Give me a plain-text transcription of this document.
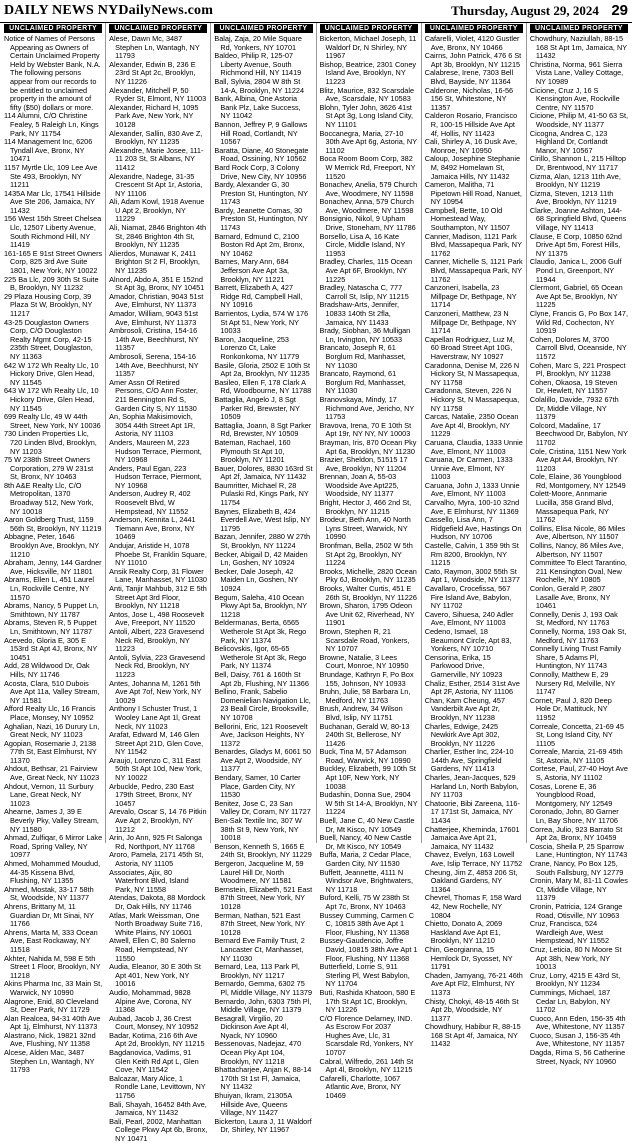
DAILY NEWS NYDailyNews.com	Thursday, August 29, 2024 29
UNCLAIMED PROPERTY

Notice of Names of Persons Appearing as Owners of Certain Unclaimed Property Held by Webster Bank, N.A. The following persons appear from our records to be entitled to unclaimed property in the amount of fifty ($50) dollars or more.

114 Alumni, C/O Christine Fealey, 5 Raleigh Ln, Kings Park, NY 11754

114 Management Inc, 6206 Tyndall Ave, Bronx, NY 10471

1157 Myrtle Llc, 109 Lee Ave Ste 493, Brooklyn, NY 11211

1435A Mar Llc, 17541 Hillside Ave Ste 206, Jamaica, NY 11432

156 West 15th Street Chelsea Llc, 12507 Liberty Avenue, South Richmond Hill, NY 11419

161-165 E 91st Street Owners Corp, 825 3rd Ave Suite 1801, New York, NY 10022

225 Ba Llc, 209 30th St Suite B, Brooklyn, NY 11232

29 Plaza Housing Corp, 39 Plaza St W, Brooklyn, NY 11217

43-25 Douglaston Owners Corp, C/O Douglaston Realty Mgmt Corp, 42-15 235th Street, Douglaston, NY 11363

642 W 172 Wh Realty Llc, 10 Hickory Drive, Glen Head, NY 11545

643 W 172 Wh Realty Llc, 10 Hickory Drive, Glen Head, NY 11545

699 Realty Llc, 49 W 44th Street, New York, NY 10036

730 Linden Properties Llc, 720 Linden Blvd, Brooklyn, NY 11203

75 W 238th Street Owners Corporation, 279 W 231st St, Bronx, NY 10463

8th A&E Realty Llc, C/O Metropolitan, 1370 Broadway 512, New York, NY 10018

Aaron Goldberg Trust, 1159 56th St, Brooklyn, NY 11219

Abbagne, Peter, 1646 Brooklyn Ave, Brooklyn, NY 11210

Abraham, Jenny, 144 Gardner Ave, Hicksville, NY 11801

Abrams, Ellen L, 451 Laurel Ln, Rockville Centre, NY 11570

Abrams, Nancy, 5 Puppet Ln, Smithtown, NY 11787

Abrams, Steven R, 5 Puppet Ln, Smithtown, NY 11787

Acevedo, Gloria E, 305 E 153rd St Apt 4J, Bronx, NY 10451

Add, 28 Wildwood Dr, Oak Hills, NY 11746

Acosta, Clara, 510 Dubois Ave Apt 11a, Valley Stream, NY 11581

Afford Realty Llc, 16 Francis Place, Monsey, NY 10952

Aghalian, Nazi, 16 Durury Ln, Great Neck, NY 11023

Agopian, Rosemarie J, 2138 77th St, East Elmhurst, NY 11370

Ahdout, Bethsar, 21 Fairview Ave, Great Neck, NY 11023

Ahdout, Vernon, 11 Surbury Lane, Great Neck, NY 11023

Ahearne, James J, 39 E Beverly Pky, Valley Stream, NY 11580

Ahmad, Zulfiqar, 6 Mirror Lake Road, Spring Valley, NY 10977

Ahmed, Mohammed Moudud, 44-35 Kissena Blvd, Flushing, NY 11355

Ahmed, Mostak, 33-17 58th St, Woodside, NY 11377

Ahrens, Brittany M, 11 Guardian Dr, Mt Sinai, NY 11766

Ahrens, Marta M, 333 Ocean Ave, East Rockaway, NY 11518

Akhter, Nahida M, 598 E 5th Street 1 Floor, Brooklyn, NY 11218

Akins Pharma Inc, 33 Main St, Warwick, NY 10990

Alagrone, Enid, 80 Cleveland St, Deer Park, NY 11729

Alan Realcea, 94-31 40th Ave Apt 1j, Elmhurst, NY 11373

Alastrano, Nick, 19821 32nd Ave, Flushing, NY 11358

Alcese, Alden Mac, 3487 Stephen Ln, Wantagh, NY 11793

UNCLAIMED PROPERTY

Alese, Dawn Mc, 3487 Stephen Ln, Wantagh, NY 11793

Alexander, Edwin B, 236 E 23rd St Apt 2c, Brooklyn, NY 11226

Alexander, Mitchell P, 50 Ryder St, Elmont, NY 11003

Alexander, Richard H, 1095 Park Ave, New York, NY 10128

Alexander, Sallin, 830 Ave Z, Brooklyn, NY 11235

Alexandre, Marie Josee, 111-11 203 St, St Albans, NY 11412

Alexandre, Nadege, 31-35 Crescent St Apt 1r, Astoria, NY 11106

Ali, Adam Kowl, 1918 Avenue U Apt 2, Brooklyn, NY 11229

Ali, Niamat, 2846 Brighton 4th St, 2846 Brighton 4th St, Brooklyn, NY 11235

Alierdos, Munawar K, 2411 Brighton St 2 Fl, Brooklyn, NY 11235

Alnord, Abdo A, 351 E 152nd St Apt 3g, Bronx, NY 10451

Amador, Christian, 9043 51st Ave, Elmhurst, NY 11373

Amador, William, 9043 51st Ave, Elmhurst, NY 11373

Ambrosoli, Cristina, 154-16 14th Ave, Beechhurst, NY 11357

Ambrosoli, Serena, 154-16 14th Ave, Beechhurst, NY 11357

Amer Assn Of Retired Persons, C/O Ann Foster, 211 Bennington Rd S, Garden City S, NY 11530

An, Sophia Makisimovich, 3054 44th Street Apt 1R, Astoria, NY 11103

Anders, Maureen M, 223 Hudson Terrace, Piermont, NY 10968

Anders, Paul Egan, 223 Hudson Terrace, Piermont, NY 10968

Anderson, Audrey R, 402 Roosevelt Blvd, W Hempstead, NY 11552

Anderson, Kennita L, 2441 Tiemann Ave, Bronx, NY 10469

Andujar, Aristide H, 1078 Phoebe St, Franklin Square, NY 11010

Ansik Realty Corp, 31 Flower Lane, Manhasset, NY 11030

Anti, Tanjir Mahbub, 312 E 5th Street Apt 3rd Floor, Brooklyn, NY 11218

Antos, Jose L, 498 Roosevelt Ave, Freeport, NY 11520

Antoli, Albert, 223 Gravesend Neck Rd, Brooklyn, NY 11223

Antoli, Sylvia, 223 Gravesend Neck Rd, Brooklyn, NY 11223

Antes, Johanna M, 1261 5th Ave Apt 7of, New York, NY 10029

Anthony I Schuster Trust, 1 Wooley Lane Apt 1l, Great Neck, NY 11023

Arafat, Edward M, 146 Glen Street Apt 21D, Glen Cove, NY 11542

Araujo, Lorenzo C, 311 East 50th St Apt 10d, New York, NY 10022

Arbuckle, Pedro, 230 East 179th Street, Bronx, NY 10457

Arevalo, Oscar S, 14 76 Pitkin Ave Apt 2, Brooklyn, NY 11212

Arin, Jo Ann, 925 Ft Salonga Rd, Northport, NY 11768

Aroro, Pamela, 2171 45th St, Astoria, NY 11105

Associates, Ajix, 80 Waterfront Blvd, Island Park, NY 11558

Atendas, Dakota, 88 Mordock Dr, Oak Hills, NY 11746

Atlas, Mark Weissman, One North Broadway Suite 716, White Plains, NY 10601

Atwell, Ellen C, 80 Salerno Road, Hempstead, NY 11550

Audia, Eleanor, 30 E 30th St Apt 401, New York, NY 10016

Audio, Mohammad, 9828 Alpine Ave, Corona, NY 11368

Aubad, Jacob J, 36 Crest Court, Monsey, NY 10952

Badar, Kotima, 216 6th Ave Apt 2d, Brooklyn, NY 11215

Bagdanovica, Vadims, 91 Glen Keith Rd Apt L, Glen Cove, NY 11542

Balcazar, Mary Alice, 1 Rondle Lane, Levittown, NY 11756

Bali, Shayah, 16452 84th Ave, Jamaica, NY 11432

Bali, Pearl, 2002, Manhattan College Pkwy Apt 6b, Bronx, NY 10471

UNCLAIMED PROPERTY

Balaj, Zaja, 20 Mile Square Rd, Yonkers, NY 10701

Baldeo, Philip R, 125-07 Liberty Avenue, South Richmond Hill, NY 11419

Ball, Sylvia, 2804 W 8th St 14-A, Brooklyn, NY 11224

Bank, Albina, One Astoria Bank Plz, Lake Success, NY 11042

Bannon, Jeffrey P, 9 Gallows Hill Road, Cortlandt, NY 10567

Baratta, Diane, 40 Stonegate Road, Ossining, NY 10562

Bard Rock Corp, 3 Colony Drive, New City, NY 10956

Bardy, Alexander G, 30 Preston St, Huntington, NY 11743

Bardy, Jeanette Comas, 30 Preston St, Huntington, NY 11743

Barnard, Edmund C, 2100 Boston Rd Apt 2m, Bronx, NY 10462

Barnes, Mary Ann, 684 Jefferson Ave Apt 3a, Brooklyn, NY 11221

Barrett, Elizabeth A, 427 Ridge Rd, Campbell Hall, NY 10916

Barrientos, Lydia, 574 W 176 St Apt 51, New York, NY 10033

Baron, Jacqueline, 253 Lorenzo Ct, Lake Ronkonkoma, NY 11779

Basile, Gloria, 2502 E 10th St Apt 2a, Brooklyn, NY 11235

Basileo, Ellen F, 178 Clark A Rd, Woodbourne, NY 11788

Battaglia, Angelo J, 8 Sgt Parker Rd, Brewster, NY 10509

Battaglia, Joann, 8 Sgt Parker Rd, Brewster, NY 10509

Bateman, Rachael, 160 Plymouth St Apt 10, Brooklyn, NY 11201

Bauer, Dolores, 8830 163rd St Apt 2f, Jamaica, NY 11432

Baumritter, Michael R, 28 Pulaski Rd, Kings Park, NY 11754

Baynes, Elizabeth B, 424 Everdell Ave, West Islip, NY 11795

Bazan, Jennifer, 2880 W 27th St, Brooklyn, NY 11224

Becker, Abigail D, 42 Maiden Ln, Goshen, NY 10924

Becker, Dale Joseph, 42 Maiden Ln, Goshen, NY 10924

Begum, Saleha, 410 Ocean Pkwy Apt 5a, Brooklyn, NY 11218

Beldermanas, Berta, 6565 Wetherole St Apt 3k, Rego Park, NY 11374

Belicovskis, Igor, 65-65 Wetherole St Apt 3k, Rego Park, NY 11374

Bell, Daisy, 761 & 160th St Apt 2b, Flushing, NY 11366

Bellino, Frank, Sabelio Domenielian Navigation Llc, 23 Beall Circle, Brooksville, NY 10708

Bellorini, Eric, 121 Roosevelt Ave, Jackson Heights, NY 11372

Benardes, Gladys M, 6061 50 Ave Apt 2, Woodside, NY 11377

Bendary, Samer, 10 Carter Place, Garden City, NY 11530

Benitez, Jose C, 23 San Valley Dr, Coram, NY 11727

Ben-Sak Textile Inc, 307 W 38th St 9, New York, NY 10018

Benson, Kenneth S, 1665 E 24th St, Brooklyn, NY 11229

Bergeron, Jacqueline M, 59 Laurel Hill Dr, North Woodmere, NY 11581

Bernstein, Elizabeth, 521 East 87th Street, New York, NY 10128

Berman, Nathan, 521 East 87th Street, New York, NY 10128

Bernard Eve Family Trust, 2 Lancaster Ct, Manhasset, NY 11030

Bernard, Lea, 113 Park Pl, Brooklyn, NY 11217

Bernardo, Gemma, 6302 75 Pl, Middle Village, NY 11379

Bernardo, John, 6303 75th Pl, Middle Village, NY 11379

Besagrall, Virgilio, 20 Dickinson Ave Apt 4l, Nyack, NY 10960

Bessenovas, Nadejaz, 470 Ocean Pky Apt 104, Brooklyn, NY 11218

Bhattacharjee, Anjan K, 88-14 170th St 1st Fl, Jamaica, NY 11432

Bhuiyan, Ikram, 21305A Hillside Ave, Queens Village, NY 11427

Bickerton, Laura J, 11 Waldorf Dr, Shirley, NY 11967

UNCLAIMED PROPERTY

Bickerton, Michael Joseph, 11 Waldorf Dr, N Shirley, NY 11967

Bishop, Beatrice, 2301 Coney Island Ave, Brooklyn, NY 11223

Blitz, Maurice, 832 Scarsdale Ave, Scarsdale, NY 10583

Blohn, Tyler John, 3626 41st St Apt 3g, Long Island City, NY 11101

Boccanegra, Maria, 27-10 30th Ave Apt 6g, Astoria, NY 11102

Boca Room Boom Corp, 382 W Merrick Rd, Freeport, NY 11520

Bonachev, Anelia, 579 Church Ave, Woodmere, NY 11598

Bonachev, Anna, 579 Church Ave, Woodmere, NY 11598

Bonsignio, Nikol, 9 Upham Drive, Stoneham, NY 11786

Borsello, Lisa A, 16 Kate Circle, Middle Island, NY 11953

Bradley, Charles, 115 Ocean Ave Apt 6F, Brooklyn, NY 11225

Bradley, Natascha C, 777 Carroll St, Islip, NY 11215

Bradshaw-Arts, Jennifer, 10833 140th St 2fla, Jamaica, NY 11433

Brady, Siobhan, 36 Mulligan Ln, Irvington, NY 10533

Brancato, Joseph R, 61 Borglum Rd, Manhasset, NY 11030

Brancato, Raymond, 61 Borglum Rd, Manhasset, NY 11030

Branovskaya, Mindy, 17 Richmond Ave, Jericho, NY 11753

Bravova, Irena, 70 E 10th St Apt 19r, NY NY, NY 10003

Brayman, Iris, 870 Ocean Pky Apt 6a, Brooklyn, NY 11230

Brazier, Sheldon, 51515 17 Ave, Brooklyn, NY 11204

Brennan, Joan A, 55-03 Woodside Ave Apt225, Woodside, NY 11377

Bright, Hector J, 466 2nd St, Brooklyn, NY 11215

Brodeur, Beth Ann, 40 North Lyns Street, Warwick, NY 10990

Bronfman, Bella, 2502 W 5th St Apt 2g, Brooklyn, NY 11224

Brooks, Michelle, 2820 Ocean Pky 6J, Brooklyn, NY 11235

Brooks, Walter Curtis, 451 E 26th St, Brooklyn, NY 11226

Brown, Sharon, 1795 Odeon Ave Unit 62, Riverhead, NY 11901

Brown, Stephen R, 21 Scarsdale Road, Yonkers, NY 10707

Browne, Natalie, 3 Lees Court, Monroe, NY 10950

Brundage, Kathryn F, Po Box 155, Johnson, NY 10933

Bruhn, Julie, 58 Barbara Ln, Medford, NY 11763

Brush, Andrew, 34 Wilson Blvd, Islip, NY 11751

Buchanan, Gerald W, 80-13 240th St, Bellerose, NY 11426

Buck, Tina M, 57 Adamson Road, Warwick, NY 10990

Buckley, Elizabeth, 99 10th St Apt 10F, New York, NY 10038

Budashin, Donna Sue, 2904 W 5th St 14-A, Brooklyn, NY 11224

Buell, Jane C, 40 New Castle Dr, Mt Kisco, NY 10549

Buell, Nancy, 40 New Castle Dr, Mt Kisco, NY 10549

Buffa, Maria, 2 Cedar Place, Garden City, NY 11530

Buffett, Jeannette, 4111 N Windsor Ave, Brightwaters, NY 11718

Buford, Kelli, 75 W 238th St Apt 7c, Bronx, NY 10463

Bussey Cumming, Carmen C C, 10815 38th Ave Apt 1 Floor, Flushing, NY 11368

Bussey-Gaudencio, Joffre David, 10815 38th Ave Apt 1 Floor, Flushing, NY 11368

Butterfield, Lorrie S, 911 Sterling Pl, West Babylon, NY 11704

Buti, Rashida Khatoon, 580 E 17th St Apt 1C, Brooklyn, NY 11226

C/O Florence Delarney, IND. As Escrow For 2037 Hughes Ave, Llc, 31 Scarsdale Rd, Yonkers, NY 10707

Cabral, Wilfredo, 261 14th St Apt 4l, Brooklyn, NY 11215

Cafarelli, Charlotte, 1067 Atlantic Ave, Bronx, NY 10469

UNCLAIMED PROPERTY

Cafarelli, Violet, 4120 Gustler Ave, Bronx, NY 10466

Cairns, John Patrick, 476 6 St Apt 3b, Brooklyn, NY 11215

Calabrese, Irene, 7303 Bell Blvd, Bayside, NY 11364

Calderone, Nicholas, 16-56 156 St, Whitestone, NY 11357

Calderon Rosario, Francisco R, 100-15 Hillside Ave Apt 4f, Hollis, NY 11423

Cali, Shirley A, 16 Dusk Ave, Monroe, NY 10950

Caloup, Josephine Stephanie M, 8492 Homelawn St, Jamaica Hills, NY 11432

Cameron, Malitha, 71 Pipetown Hill Road, Nanuet, NY 10954

Campbell, Bette, 10 Old Homestead Way, Southampton, NY 11507

Canner, Madison, 1121 Park Blvd, Massapequa Park, NY 11762

Canner, Michelle S, 1121 Park Blvd, Massapequa Park, NY 11762

Canzoneri, Isabella, 23 Millpage Dr, Bethpage, NY 11714

Canzoneri, Matthew, 23 N Millpage Dr, Bethpage, NY 11714

Capellan Rodriguez, Luz M, 60 Broad Street Apt 10G, Haverstraw, NY 10927

Caradonna, Denise M, 226 N Hickory St, N Massapequa, NY 11758

Caradonna, Steven, 226 N Hickory St, N Massapequa, NY 11758

Carcas, Natalie, 2350 Ocean Ave Apt 4l, Brooklyn, NY 11229

Caruana, Claudia, 1333 Unnie Ave, Elmont, NY 11003

Caruana, Dr Carmen, 1333 Unnie Ave, Elmont, NY 11003

Caruana, John J, 1333 Unnie Ave, Elmont, NY 11003

Carvalho, Myra, 100-10 32nd Ave, E Elmhurst, NY 11369

Cassello, Lisa Ann, 7 Ridgefield Ave, Hastings On Hudson, NY 10706

Castelle, Calvin, 1 359 9th St Rm 8200, Brooklyn, NY 11215

Cato, Raymon, 3002 55th St Apt 1, Woodside, NY 11377

Cavallaro, Crocefissa, 567 Fire Island Ave, Babylon, NY 11702

Cavero, Sihuesa, 240 Adler Ave, Elmont, NY 11003

Cedeno, Ismael, 18 Beaumont Circle, Apt 83, Yonkers, NY 10710

Censorina, Erika, 15 Parkwood Drive, Garnerville, NY 10923

Chaliz, Esther, 2514 31st Ave Apt 2F, Astoria, NY 11106

Chan, Kam Cheung, 457 Vanderbilt Ave Apt 2r, Brooklyn, NY 11238

Charles, Edwige, 2425 Newkirk Ave Apt 302, Brooklyn, NY 11226

Charlier, Esther Inc, 224-10 144th Ave, Springfield Gardens, NY 11413

Charles, Jean-Jacques, 529 Harland Ln, North Babylon, NY 11703

Chatoorie, Bibi Zareena, 116-17 171st St, Jamaica, NY 11434

Chatterjee, Kheminda, 17601 Jamaica Ave Apt 21, Jamaica, NY 11432

Chavez, Evelyn, 163 Lowell Ave, Islip Terrace, NY 11752

Cheung, Jim Z, 4853 206 St, Oakland Gardens, NY 11364

Chevrel, Thomas F, 158 Ward 42, New Rochelle, NY 10804

Chietto, Donato A, 2069 Haskland Ave Apt E1, Brooklyn, NY 11210

Chin, Georgianna, 15 Hemlock Dr, Syosset, NY 11791

Chaden, Jamyang, 76-21 46th Ave Apt Fl2, Elmhurst, NY 11373

Chisty, Chokyi, 48-15 46th St Apt 2b, Woodside, NY 11377

Chowdhury, Habibur R, 88-15 168 St Apt 4f, Jamaica, NY 11432

UNCLAIMED PROPERTY

Chowdhury, Naziullah, 88-15 168 St Apt 1m, Jamaica, NY 11432

Christina, Norma, 961 Sierra Vista Lane, Valley Cottage, NY 10989

Cicione, Cruz J, 16 S Kensington Ave, Rockville Centre, NY 11570

Cicione, Philip M, 41-50 63 St, Woodside, NY 11377

Cicogna, Andrea C, 123 Highland Dr, Cortlandt Manor, NY 10567

Cirillo, Shannon L, 215 Hilltop Dr, Brentwood, NY 11717

Cizma, Alan, 1213 11th Ave, Brooklyn, NY 11219

Cizma, Steven, 1213 11th Ave, Brooklyn, NY 11219

Clarke, Joanne Ashton, 144-68 Springfield Blvd, Queens Village, NY 11413

Clause, E Corp, 10850 62nd Drive Apt 5m, Forest Hills, NY 11375

Claudio, Janica L, 2006 Gulf Pond Ln, Greenport, NY 11944

Clermont, Gabriel, 65 Ocean Ave Apt 5e, Brooklyn, NY 11225

Clyne, Francis G, Po Box 147, Wild Rd, Cochecton, NY 10919

Cohen, Dolores M, 3700 Carroll Blvd, Oceanside, NY 11572

Cohen, Marc S, 221 Prospect Pl, Brooklyn, NY 11238

Cohen, Okaosa, 19 Steven Dr, Hewlett, NY 11557

Colalillo, Davide, 7932 67th Dr, Middle Village, NY 11379

Colcord, Madaline, 17 Beechwood Dr, Babylon, NY 11702

Cole, Cristina, 1151 New York Ave Apt A4, Brooklyn, NY 11203

Cole, Elaine, 36 Youngblood Rd, Montgomery, NY 12549

Colett-Moore, Annmarie Lucilla, 358 Grand Blvd, Massapequa Park, NY 11762

Collins, Elisa Nicole, 86 Miles Ave, Albertson, NY 11507

Collins, Nancy, 86 Miles Ave, Albertson, NY 11507

Committee To Elect Tarantino, 211 Kensington Oval, New Rochelle, NY 10805

Conlon, Gerald P, 2807 Lasalle Ave, Bronx, NY 10461

Connelly, Denis J, 193 Oak St, Medford, NY 11763

Connelly, Norma, 193 Oak St, Medford, NY 11763

Connelly Living Trust Family Share, 5 Adams Pl, Huntington, NY 11743

Connolly, Matthew E, 29 Nursery Rd, Melville, NY 11747

Cornet, Paul J, 820 Deep Hole Dr, Mattituck, NY 11952

Correale, Concetta, 21-69 45 St, Long Island City, NY 11105

Correale, Marcia, 21-69 45th St, Astoria, NY 11105

Cortese, Paul, 27-40 Hoyt Ave S, Astoria, NY 11102

Cosas, Lorene E, 36 Youngblood Road, Montgomery, NY 12549

Coronado, John, 80 Garner Ln, Bay Shore, NY 11706

Correa, Julio, 923 Barrato St Apt 2a, Bronx, NY 10459

Coscia, Sheila P, 25 Sparrow Lane, Huntington, NY 11743

Crane, Nancy, Po Box 125, South Fallsburg, NY 12779

Cronin, Mary M, 81-11 Cowles Ct, Middle Village, NY 11379

Cronin, Patricia, 124 Grange Road, Otisville, NY 10963

Cruz, Francisca, 524 Wardleigh Ave, West Hempstead, NY 11552

Cruz, Leticia, 80 N Moore St Apt 38h, New York, NY 10013

Cruz, Lorry, 4215 E 43rd St, Brooklyn, NY 11234

Cummings, Michael, 187 Cedar Ln, Babylon, NY 11702

Cuoco, Ann Eden, 156-35 4th Ave, Whitestone, NY 11357

Cuoco, Susan J, 156-35 4th Ave, Whitestone, NY 11357

Dagda, Rima S, 56 Catherine Street, Nyack, NY 10960
